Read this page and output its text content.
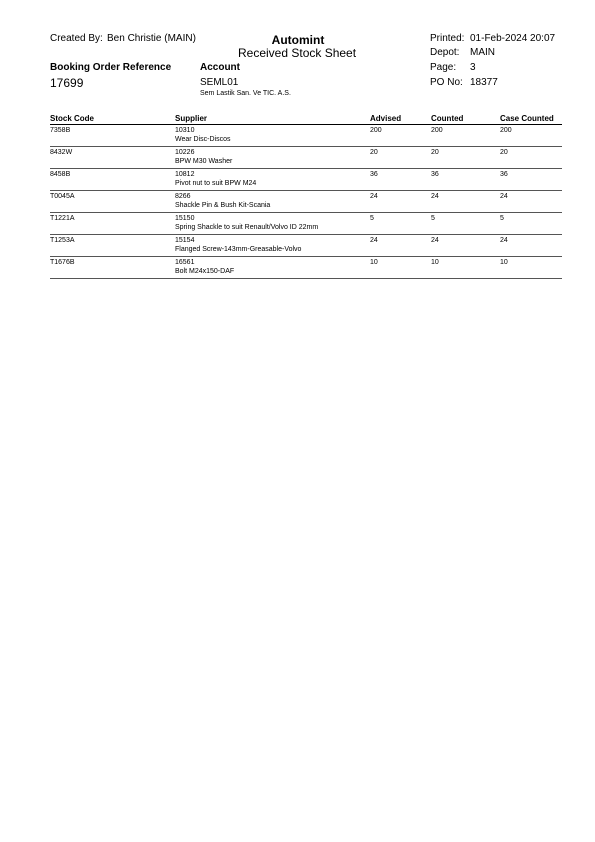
Created By: Ben Christie (MAIN)	Automint
Received Stock Sheet
Printed: 01-Feb-2024 20:07
Depot: MAIN
Page: 3
PO No: 18377
Booking Order Reference
17699
Account
SEML01
Sem Lastik San. Ve TIC. A.S.
Stock Code	Supplier	Advised	Counted	Case Counted
7358B	10310
Wear Disc-Discos	200	200	200
8432W	10226
BPW M30 Washer	20	20	20
8458B	10812
Pivot nut to suit BPW M24	36	36	36
T0045A	8266
Shackle Pin & Bush Kit-Scania	24	24	24
T1221A	15150
Spring Shackle to suit Renault/Volvo ID 22mm	5	5	5
T1253A	15154
Flanged Screw-143mm-Greasable-Volvo	24	24	24
T1676B	16561
Bolt M24x150-DAF	10	10	10
